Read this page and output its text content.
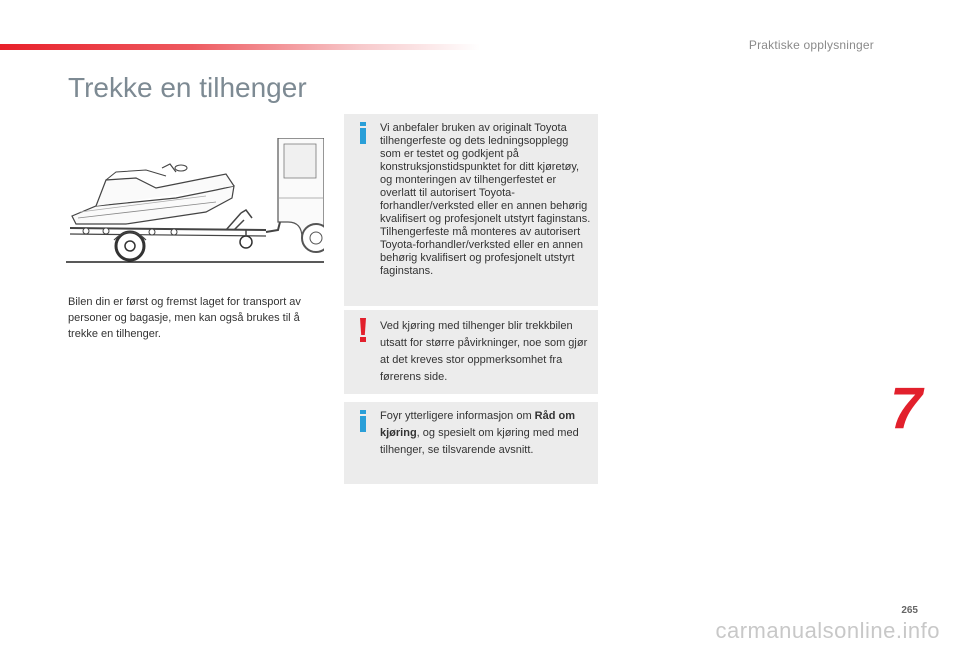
Praktiske opplysninger
Trekke en tilhenger
Bilen din er først og fremst laget for transport av personer og bagasje, men kan også brukes til å trekke en tilhenger.
Vi anbefaler bruken av originalt Toyota tilhengerfeste og dets ledningsopplegg som er testet og godkjent på konstruksjonstidspunktet for ditt kjøretøy, og monteringen av tilhengerfestet er overlatt til autorisert Toyota-forhandler/verksted eller en annen behørig kvalifisert og profesjonelt utstyrt faginstans. Tilhengerfeste må monteres av autorisert Toyota-forhandler/verksted eller en annen behørig kvalifisert og profesjonelt utstyrt faginstans.
Ved kjøring med tilhenger blir trekkbilen utsatt for større påvirkninger, noe som gjør at det kreves stor oppmerksomhet fra førerens side.
Foyr ytterligere informasjon om Råd om kjøring, og spesielt om kjøring med med tilhenger, se tilsvarende avsnitt.
7
265
carmanualsonline.info
